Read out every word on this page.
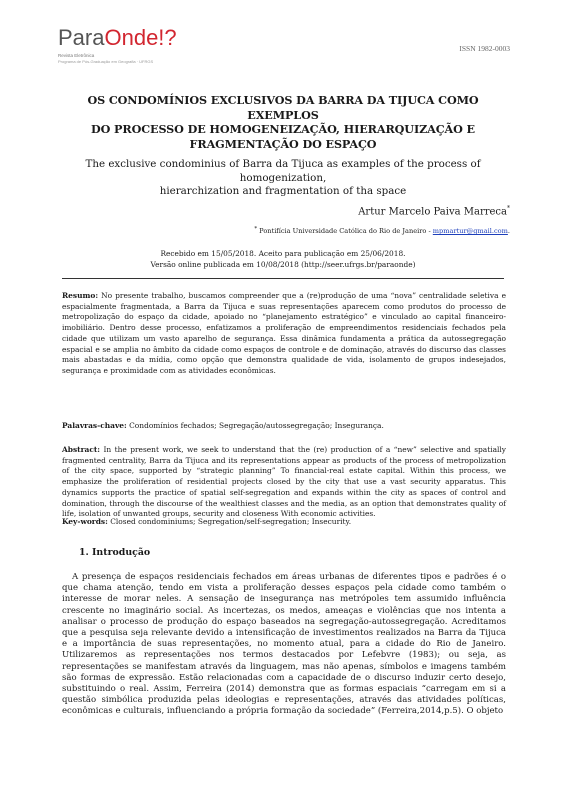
ParaOnde!?
Revista Eletrônica
Programa de Pós-Graduação em Geografia · UFRGS
ISSN 1982-0003
OS CONDOMÍNIOS EXCLUSIVOS DA BARRA DA TIJUCA COMO EXEMPLOS
DO PROCESSO DE HOMOGENEIZAÇÃO, HIERARQUIZAÇÃO E
FRAGMENTAÇÃO DO ESPAÇO
The exclusive condominius of Barra da Tijuca as examples of the process of homogenization,
hierarchization and fragmentation of tha space
Artur Marcelo Paiva Marreca*
* Pontifícia Universidade Católica do Rio de Janeiro - mpmartur@gmail.com.
Recebido em 15/05/2018. Aceito para publicação em 25/06/2018.
Versão online publicada em 10/08/2018 (http://seer.ufrgs.br/paraonde)
Resumo: No presente trabalho, buscamos compreender que a (re)produção de uma “nova” centralidade seletiva e espacialmente fragmentada, a Barra da Tijuca e suas representações aparecem como produtos do processo de metropolização do espaço da cidade, apoiado no “planejamento estratégico” e vinculado ao capital financeiro-imobiliário. Dentro desse processo, enfatizamos a proliferação de empreendimentos residenciais fechados pela cidade que utilizam um vasto aparelho de segurança. Essa dinâmica fundamenta a prática da autossegregação espacial e se amplia no âmbito da cidade como espaços de controle e de dominação, através do discurso das classes mais abastadas e da mídia, como opção que demonstra qualidade de vida, isolamento de grupos indesejados, segurança e proximidade com as atividades econômicas.
Palavras-chave: Condomínios fechados; Segregação/autossegregação; Insegurança.
Abstract: In the present work, we seek to understand that the (re) production of a “new” selective and spatially fragmented centrality, Barra da Tijuca and its representations appear as products of the process of metropolization of the city space, supported by “strategic planning” To financial-real estate capital. Within this process, we emphasize the proliferation of residential projects closed by the city that use a vast security apparatus. This dynamics supports the practice of spatial self-segregation and expands within the city as spaces of control and domination, through the discourse of the wealthiest classes and the media, as an option that demonstrates quality of life, isolation of unwanted groups, security and closeness With economic activities.
Key-words: Closed condominiums; Segregation/self-segregation; Insecurity.
1. Introdução
A presença de espaços residenciais fechados em áreas urbanas de diferentes tipos e padrões é o que chama atenção, tendo em vista a proliferação desses espaços pela cidade como também o interesse de morar neles. A sensação de insegurança nas metrópoles tem assumido influência crescente no imaginário social. As incertezas, os medos, ameaças e violências que nos intenta a analisar o processo de produção do espaço baseados na segregação-autossegregação. Acreditamos que a pesquisa seja relevante devido a intensificação de investimentos realizados na Barra da Tijuca e a importância de suas representações, no momento atual, para a cidade do Rio de Janeiro. Utilizaremos as representações nos termos destacados por Lefebvre (1983); ou seja, as representações se manifestam através da linguagem, mas não apenas, símbolos e imagens também são formas de expressão. Estão relacionadas com a capacidade de o discurso induzir certo desejo, substituindo o real. Assim, Ferreira (2014) demonstra que as formas espaciais “carregam em si a questão simbólica produzida pelas ideologias e representações, através das atividades políticas, econômicas e culturais, influenciando a própria formação da sociedade” (Ferreira,2014,p.5). O objeto
